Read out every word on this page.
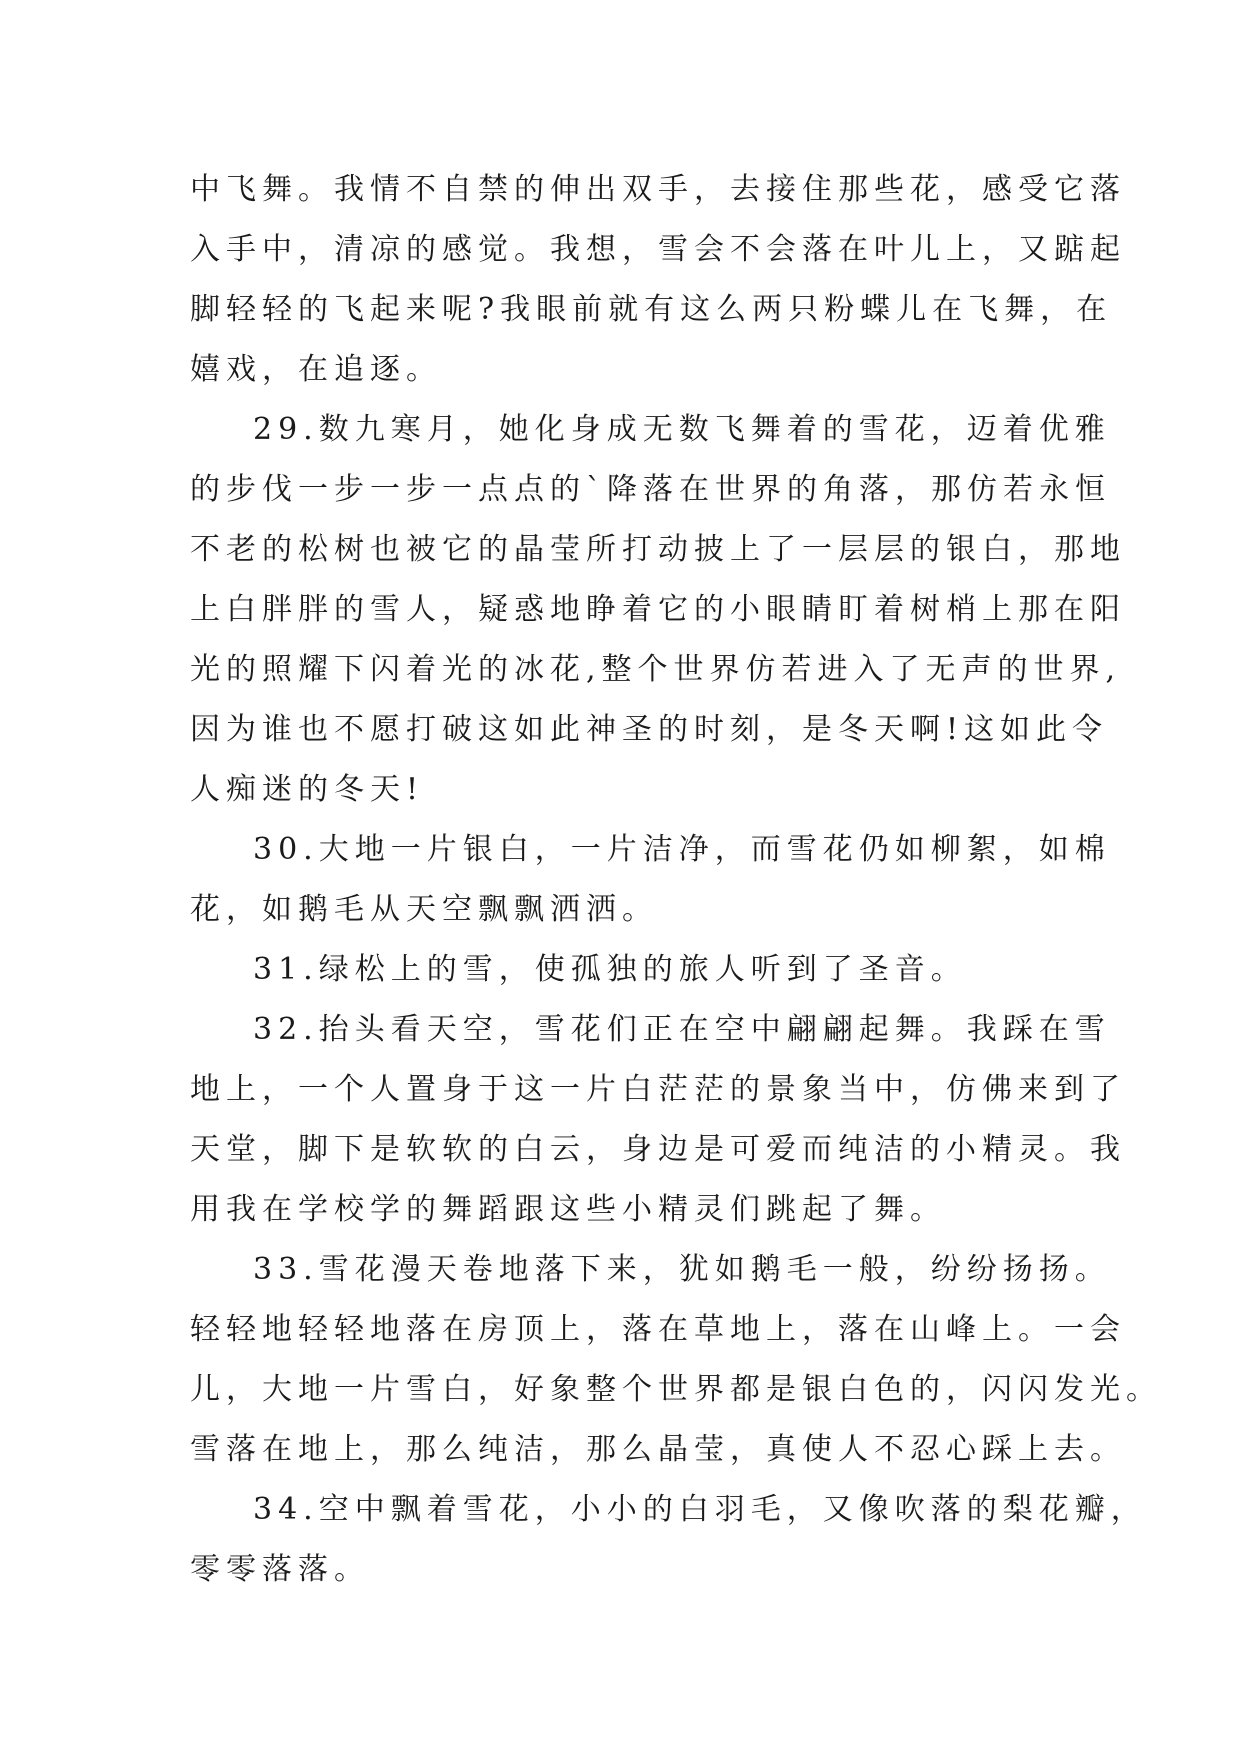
中飞舞。我情不自禁的伸出双手，去接住那些花，感受它落
入手中，清凉的感觉。我想，雪会不会落在叶儿上，又踮起
脚轻轻的飞起来呢?我眼前就有这么两只粉蝶儿在飞舞，在
嬉戏，在追逐。
29.数九寒月，她化身成无数飞舞着的雪花，迈着优雅
的步伐一步一步一点点的`降落在世界的角落，那仿若永恒
不老的松树也被它的晶莹所打动披上了一层层的银白，那地
上白胖胖的雪人，疑惑地睁着它的小眼睛盯着树梢上那在阳
光的照耀下闪着光的冰花,整个世界仿若进入了无声的世界,
因为谁也不愿打破这如此神圣的时刻，是冬天啊!这如此令
人痴迷的冬天!
30.大地一片银白，一片洁净，而雪花仍如柳絮，如棉
花，如鹅毛从天空飘飘洒洒。
31.绿松上的雪，使孤独的旅人听到了圣音。
32.抬头看天空，雪花们正在空中翩翩起舞。我踩在雪
地上，一个人置身于这一片白茫茫的景象当中，仿佛来到了
天堂，脚下是软软的白云，身边是可爱而纯洁的小精灵。我
用我在学校学的舞蹈跟这些小精灵们跳起了舞。
33.雪花漫天卷地落下来，犹如鹅毛一般，纷纷扬扬。
轻轻地轻轻地落在房顶上，落在草地上，落在山峰上。一会
儿，大地一片雪白，好象整个世界都是银白色的，闪闪发光。
雪落在地上，那么纯洁，那么晶莹，真使人不忍心踩上去。
34.空中飘着雪花，小小的白羽毛，又像吹落的梨花瓣，
零零落落。
